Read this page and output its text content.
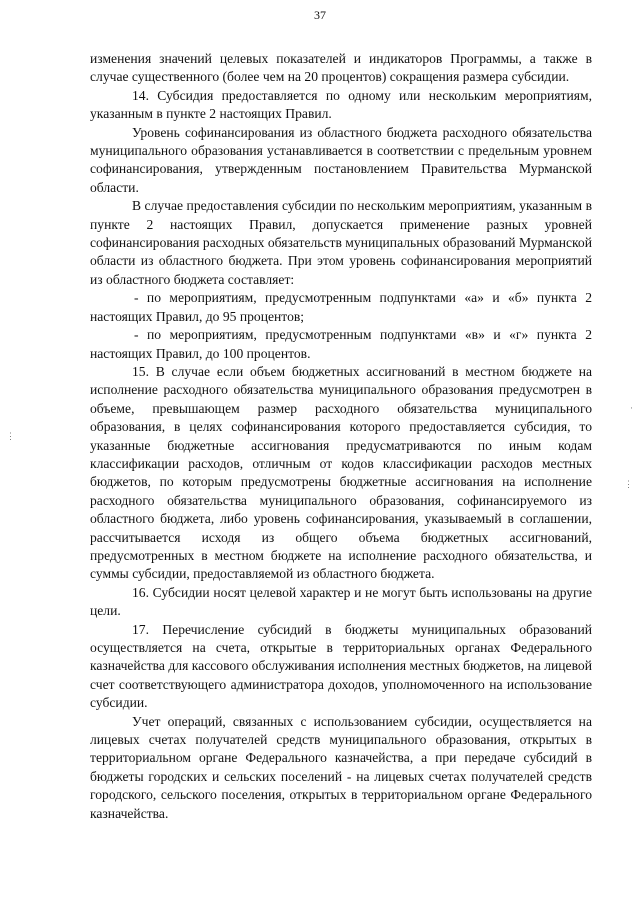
37

изменения значений целевых показателей и индикаторов Программы, а также в случае существенного (более чем на 20 процентов) сокращения размера субсидии.

14. Субсидия предоставляется по одному или нескольким мероприятиям, указанным в пункте 2 настоящих Правил.

Уровень софинансирования из областного бюджета расходного обязательства муниципального образования устанавливается в соответствии с предельным уровнем софинансирования, утвержденным постановлением Правительства Мурманской области.

В случае предоставления субсидии по нескольким мероприятиям, указанным в пункте 2 настоящих Правил, допускается применение разных уровней софинансирования расходных обязательств муниципальных образований Мурманской области из областного бюджета. При этом уровень софинансирования мероприятий из областного бюджета составляет:

- по мероприятиям, предусмотренным подпунктами «а» и «б» пункта 2 настоящих Правил, до 95 процентов;

- по мероприятиям, предусмотренным подпунктами «в» и «г» пункта 2 настоящих Правил, до 100 процентов.

15. В случае если объем бюджетных ассигнований в местном бюджете на исполнение расходного обязательства муниципального образования предусмотрен в объеме, превышающем размер расходного обязательства муниципального образования, в целях софинансирования которого предоставляется субсидия, то указанные бюджетные ассигнования предусматриваются по иным кодам классификации расходов, отличным от кодов классификации расходов местных бюджетов, по которым предусмотрены бюджетные ассигнования на исполнение расходного обязательства муниципального образования, софинансируемого из областного бюджета, либо уровень софинансирования, указываемый в соглашении, рассчитывается исходя из общего объема бюджетных ассигнований, предусмотренных в местном бюджете на исполнение расходного обязательства, и суммы субсидии, предоставляемой из областного бюджета.

16. Субсидии носят целевой характер и не могут быть использованы на другие цели.

17. Перечисление субсидий в бюджеты муниципальных образований осуществляется на счета, открытые в территориальных органах Федерального казначейства для кассового обслуживания исполнения местных бюджетов, на лицевой счет соответствующего администратора доходов, уполномоченного на использование субсидии.

Учет операций, связанных с использованием субсидии, осуществляется на лицевых счетах получателей средств муниципального образования, открытых в территориальном органе Федерального казначейства, а при передаче субсидий в бюджеты городских и сельских поселений - на лицевых счетах получателей средств городского, сельского поселения, открытых в территориальном органе Федерального казначейства.

⋮
⋮
·
